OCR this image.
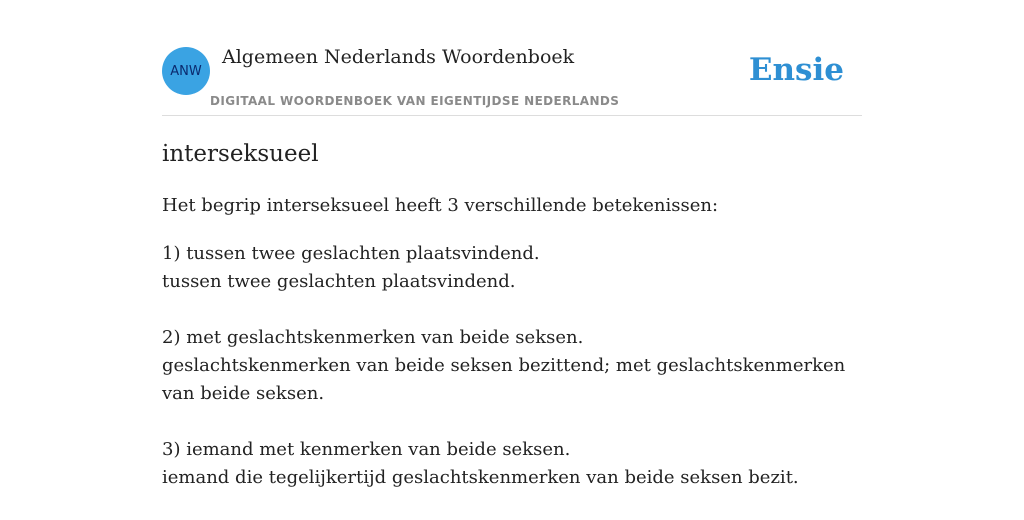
ANW
Algemeen Nederlands Woordenboek
DIGITAAL WOORDENBOEK VAN EIGENTIJDSE NEDERLANDS
Ensie
interseksueel
Het begrip interseksueel heeft 3 verschillende betekenissen:
1) tussen twee geslachten plaatsvindend.
tussen twee geslachten plaatsvindend.
2) met geslachtskenmerken van beide seksen.
geslachtskenmerken van beide seksen bezittend; met geslachtskenmerken van beide seksen.
3) iemand met kenmerken van beide seksen.
iemand die tegelijkertijd geslachtskenmerken van beide seksen bezit.
